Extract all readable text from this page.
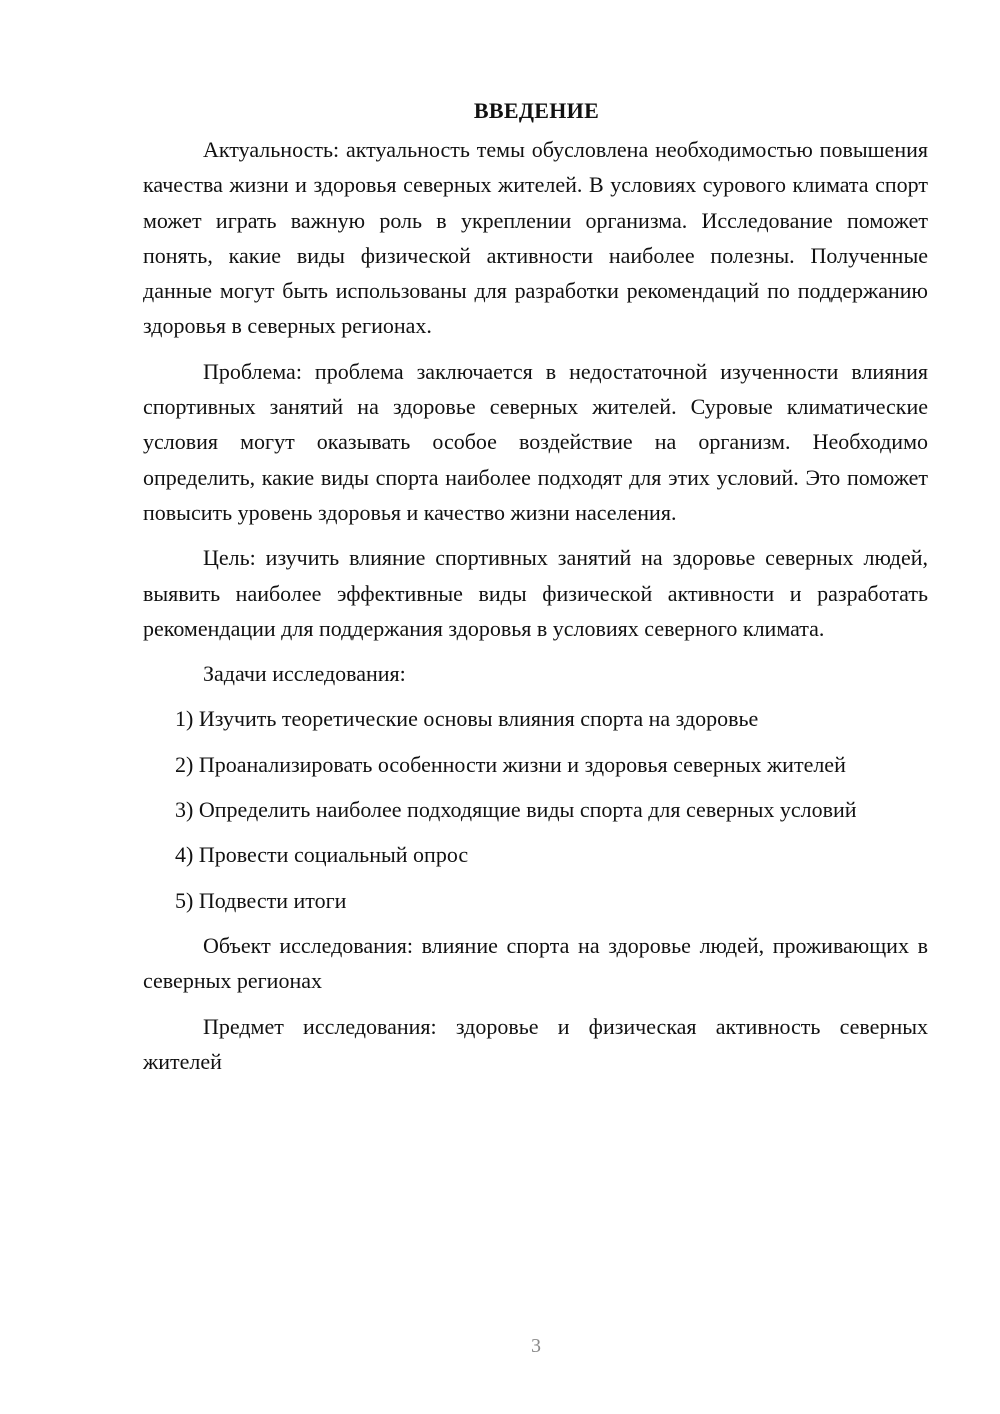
ВВЕДЕНИЕ

Актуальность: актуальность темы обусловлена необходимостью повышения качества жизни и здоровья северных жителей. В условиях сурового климата спорт может играть важную роль в укреплении организма. Исследование поможет понять, какие виды физической активности наиболее полезны. Полученные данные могут быть использованы для разработки рекомендаций по поддержанию здоровья в северных регионах.

Проблема: проблема заключается в недостаточной изученности влияния спортивных занятий на здоровье северных жителей. Суровые климатические условия могут оказывать особое воздействие на организм. Необходимо определить, какие виды спорта наиболее подходят для этих условий. Это поможет повысить уровень здоровья и качество жизни населения.

Цель: изучить влияние спортивных занятий на здоровье северных людей, выявить наиболее эффективные виды физической активности и разработать рекомендации для поддержания здоровья в условиях северного климата.

Задачи исследования:

1) Изучить теоретические основы влияния спорта на здоровье

2) Проанализировать особенности жизни и здоровья северных жителей

3) Определить наиболее подходящие виды спорта для северных условий

4) Провести социальный опрос

5) Подвести итоги

Объект исследования: влияние спорта на здоровье людей, проживающих в северных регионах

Предмет исследования: здоровье и физическая активность северных жителей

3
